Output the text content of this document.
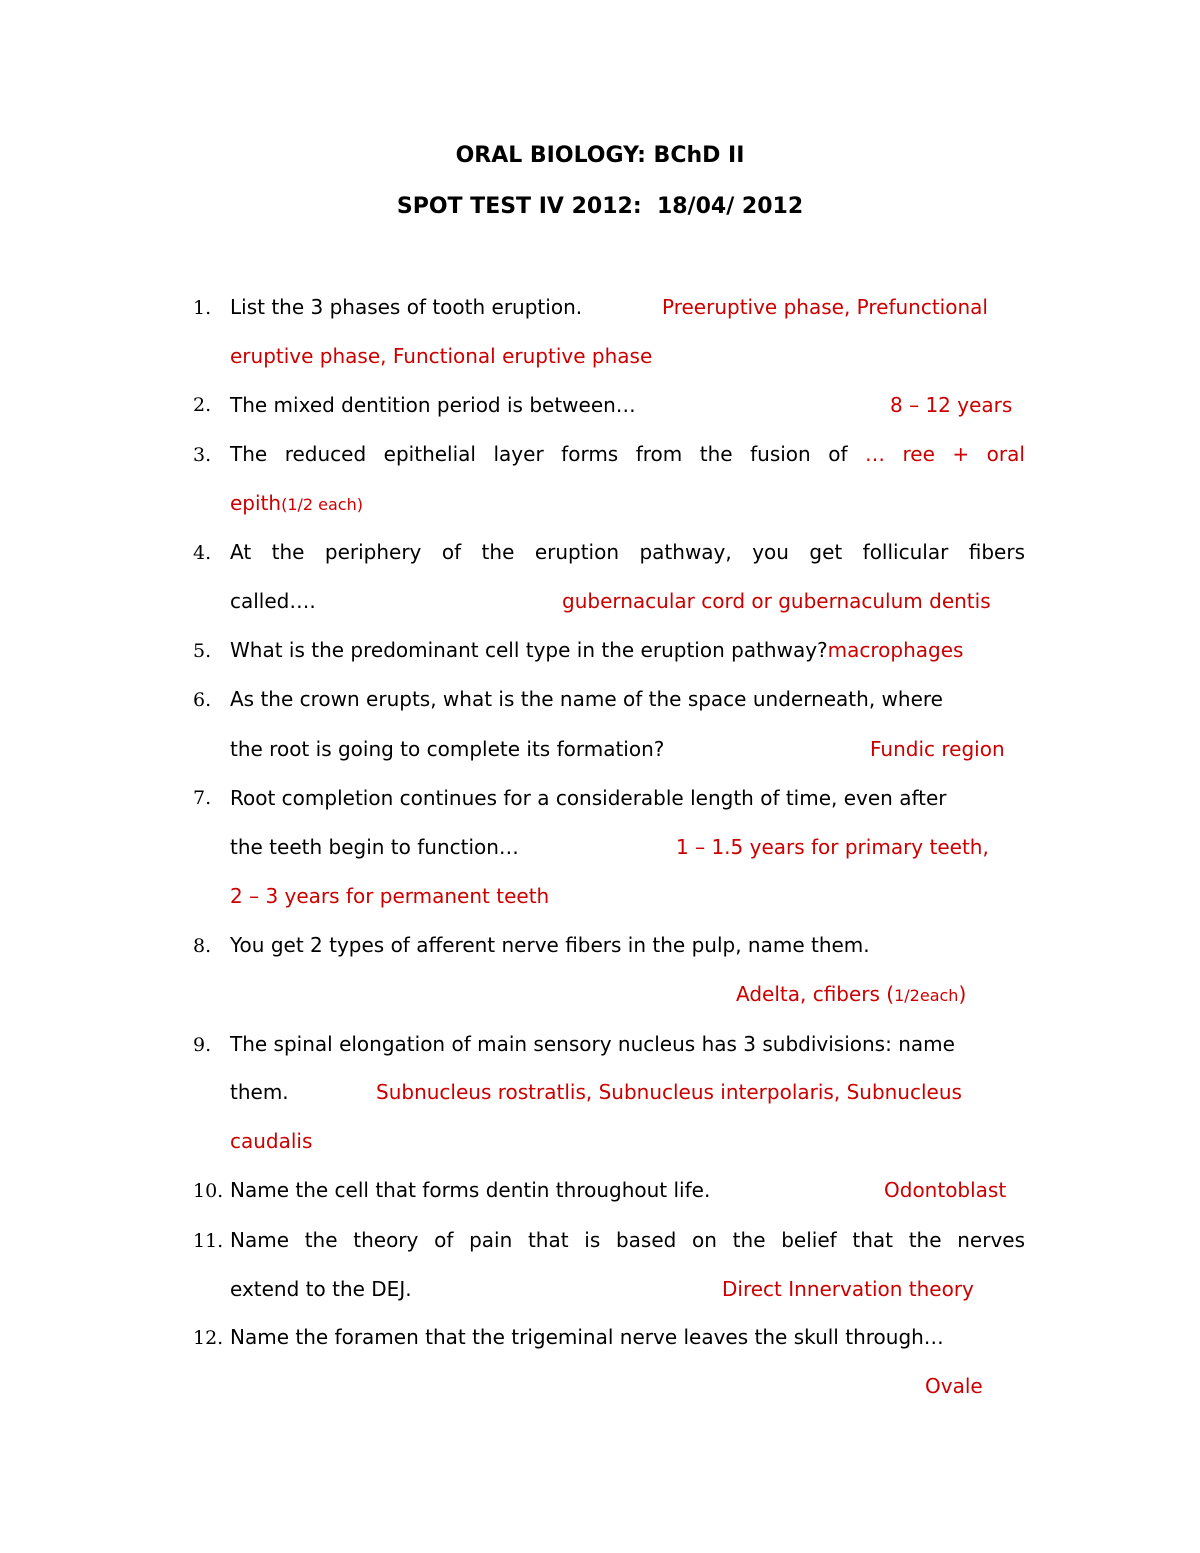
ORAL BIOLOGY: BChD II
SPOT TEST IV 2012:  18/04/ 2012
1. List the 3 phases of tooth eruption.	Preeruptive phase, Prefunctional
eruptive phase, Functional eruptive phase
2. The mixed dentition period is between…	8 – 12 years
3. The reduced epithelial layer forms from the fusion of … ree + oral
epith(1/2 each)
4. At the periphery of the eruption pathway, you get follicular fibers
called….	gubernacular cord or gubernaculum dentis
5. What is the predominant cell type in the eruption pathway?macrophages
6. As the crown erupts, what is the name of the space underneath, where
the root is going to complete its formation?	Fundic region
7. Root completion continues for a considerable length of time, even after
the teeth begin to function…	1 – 1.5 years for primary teeth,
2 – 3 years for permanent teeth
8. You get 2 types of afferent nerve fibers in the pulp, name them.
Adelta, cfibers (1/2each)
9. The spinal elongation of main sensory nucleus has 3 subdivisions: name
them.	Subnucleus rostratlis, Subnucleus interpolaris, Subnucleus
caudalis
10. Name the cell that forms dentin throughout life.	Odontoblast
11. Name the theory of pain that is based on the belief that the nerves
extend to the DEJ.	Direct Innervation theory
12. Name the foramen that the trigeminal nerve leaves the skull through…
Ovale
